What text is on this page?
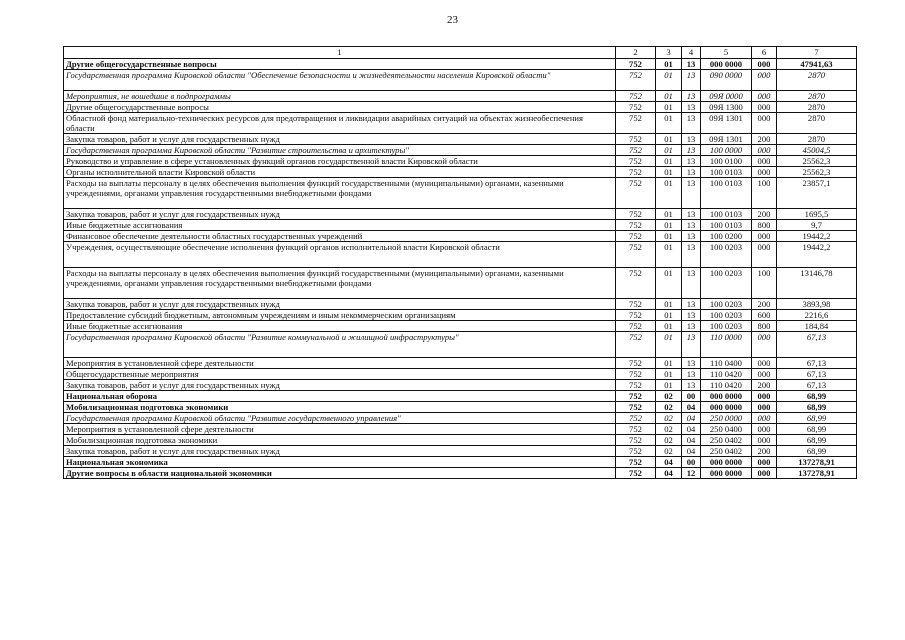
23
1	2	3	4	5	6	7
Другие общегосударственные вопросы	752	01	13	000 0000	000	47941,63
Государственная программа Кировской области "Обеспечение безопасности и жизнедеятельности населения Кировской области"	752	01	13	090 0000	000	2870
Мероприятия, не вошедшие в подпрограммы	752	01	13	09Я 0000	000	2870
Другие общегосударственные вопросы	752	01	13	09Я 1300	000	2870
Областной фонд материально-технических ресурсов для предотвращения и ликвидации аварийных ситуаций на объектах жизнеобеспечения области	752	01	13	09Я 1301	000	2870
Закупка товаров, работ и услуг для государственных нужд	752	01	13	09Я 1301	200	2870
Государственная программа Кировской области "Развитие строительства и архитектуры"	752	01	13	100 0000	000	45004,5
Руководство и управление в сфере установленных функций органов государственной власти Кировской области	752	01	13	100 0100	000	25562,3
Органы исполнительной власти Кировской области	752	01	13	100 0103	000	25562,3
Расходы на выплаты персоналу в целях обеспечения выполнения функций государственными (муниципальными) органами, казенными учреждениями, органами управления государственными внебюджетными фондами	752	01	13	100 0103	100	23857,1
Закупка товаров, работ и услуг для государственных нужд	752	01	13	100 0103	200	1695,5
Иные бюджетные ассигнования	752	01	13	100 0103	800	9,7
Финансовое обеспечение деятельности областных государственных учреждений	752	01	13	100 0200	000	19442,2
Учреждения, осуществляющие обеспечение исполнения функций органов исполнительной власти Кировской области	752	01	13	100 0203	000	19442,2
Расходы на выплаты персоналу в целях обеспечения выполнения функций государственными (муниципальными) органами, казенными учреждениями, органами управления государственными внебюджетными фондами	752	01	13	100 0203	100	13146,78
Закупка товаров, работ и услуг для государственных нужд	752	01	13	100 0203	200	3893,98
Предоставление субсидий бюджетным, автономным учреждениям и иным некоммерческим организациям	752	01	13	100 0203	600	2216,6
Иные бюджетные ассигнования	752	01	13	100 0203	800	184,84
Государственная программа Кировской области "Развитие коммунальной и жилищной инфраструктуры"	752	01	13	110 0000	000	67,13
Мероприятия в установленной сфере деятельности	752	01	13	110 0400	000	67,13
Общегосударственные мероприятия	752	01	13	110 0420	000	67,13
Закупка товаров, работ и услуг для государственных нужд	752	01	13	110 0420	200	67,13
Национальная оборона	752	02	00	000 0000	000	68,99
Мобилизационная подготовка экономики	752	02	04	000 0000	000	68,99
Государственная программа Кировской области "Развитие государственного управления"	752	02	04	250 0000	000	68,99
Мероприятия в установленной сфере деятельности	752	02	04	250 0400	000	68,99
Мобилизационная подготовка экономики	752	02	04	250 0402	000	68,99
Закупка товаров, работ и услуг для государственных нужд	752	02	04	250 0402	200	68,99
Национальная экономика	752	04	00	000 0000	000	137278,91
Другие вопросы в области национальной экономики	752	04	12	000 0000	000	137278,91
